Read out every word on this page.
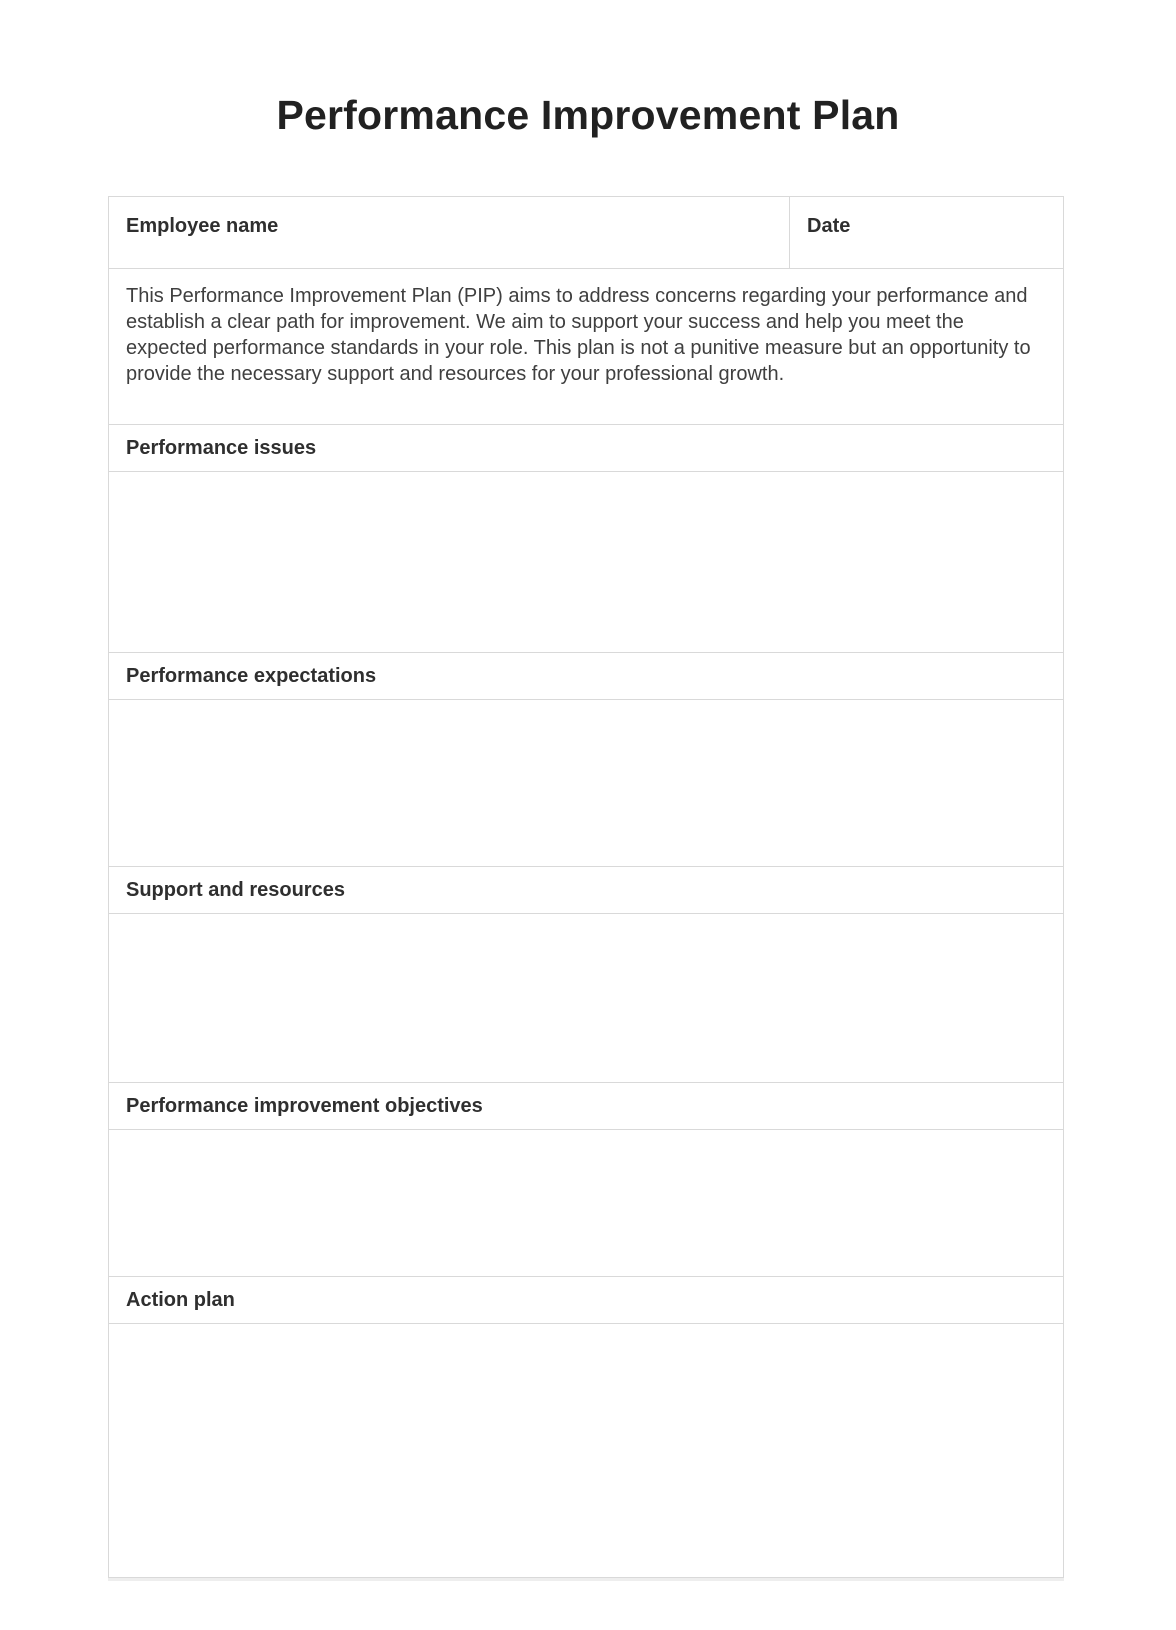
Performance Improvement Plan
Employee name	Date

This Performance Improvement Plan (PIP) aims to address concerns regarding your performance and establish a clear path for improvement. We aim to support your success and help you meet the expected performance standards in your role. This plan is not a punitive measure but an opportunity to provide the necessary support and resources for your professional growth.

Performance issues
Performance expectations
Support and resources
Performance improvement objectives
Action plan
